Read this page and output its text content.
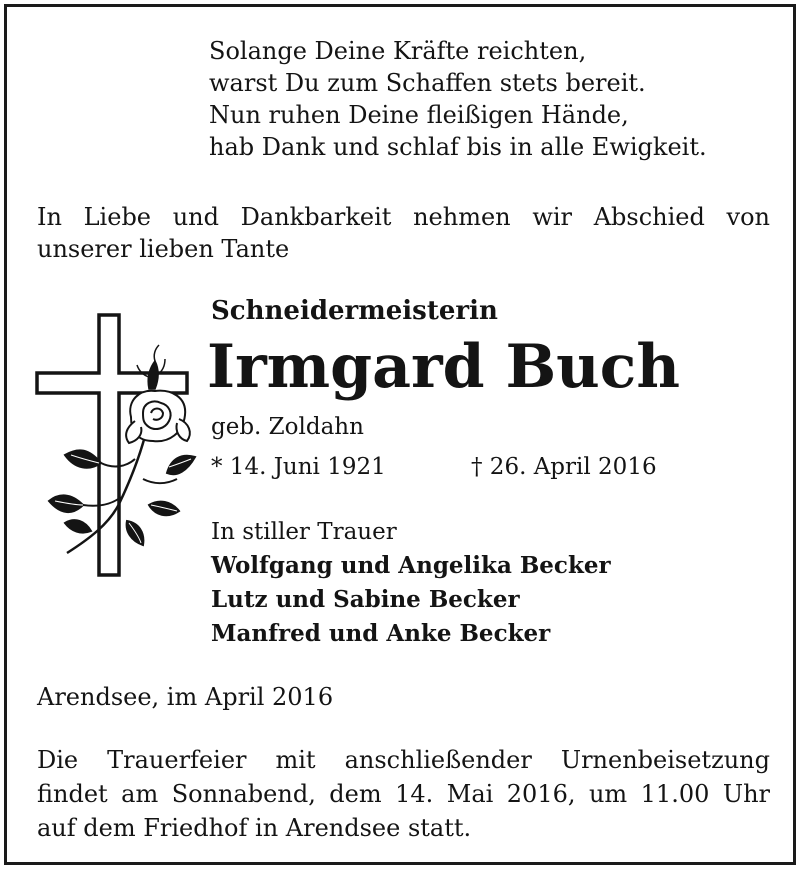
Solange Deine Kräfte reichten,
warst Du zum Schaffen stets bereit.
Nun ruhen Deine fleißigen Hände,
hab Dank und schlaf bis in alle Ewigkeit.
In Liebe und Dankbarkeit nehmen wir Abschied von
unserer lieben Tante
Schneidermeisterin
Irmgard Buch
geb. Zoldahn
* 14. Juni 1921	† 26. April 2016
In stiller Trauer
Wolfgang und Angelika Becker
Lutz und Sabine Becker
Manfred und Anke Becker
Arendsee, im April 2016
Die Trauerfeier mit anschließender Urnenbeisetzung
findet am Sonnabend, dem 14. Mai 2016, um 11.00 Uhr
auf dem Friedhof in Arendsee statt.
